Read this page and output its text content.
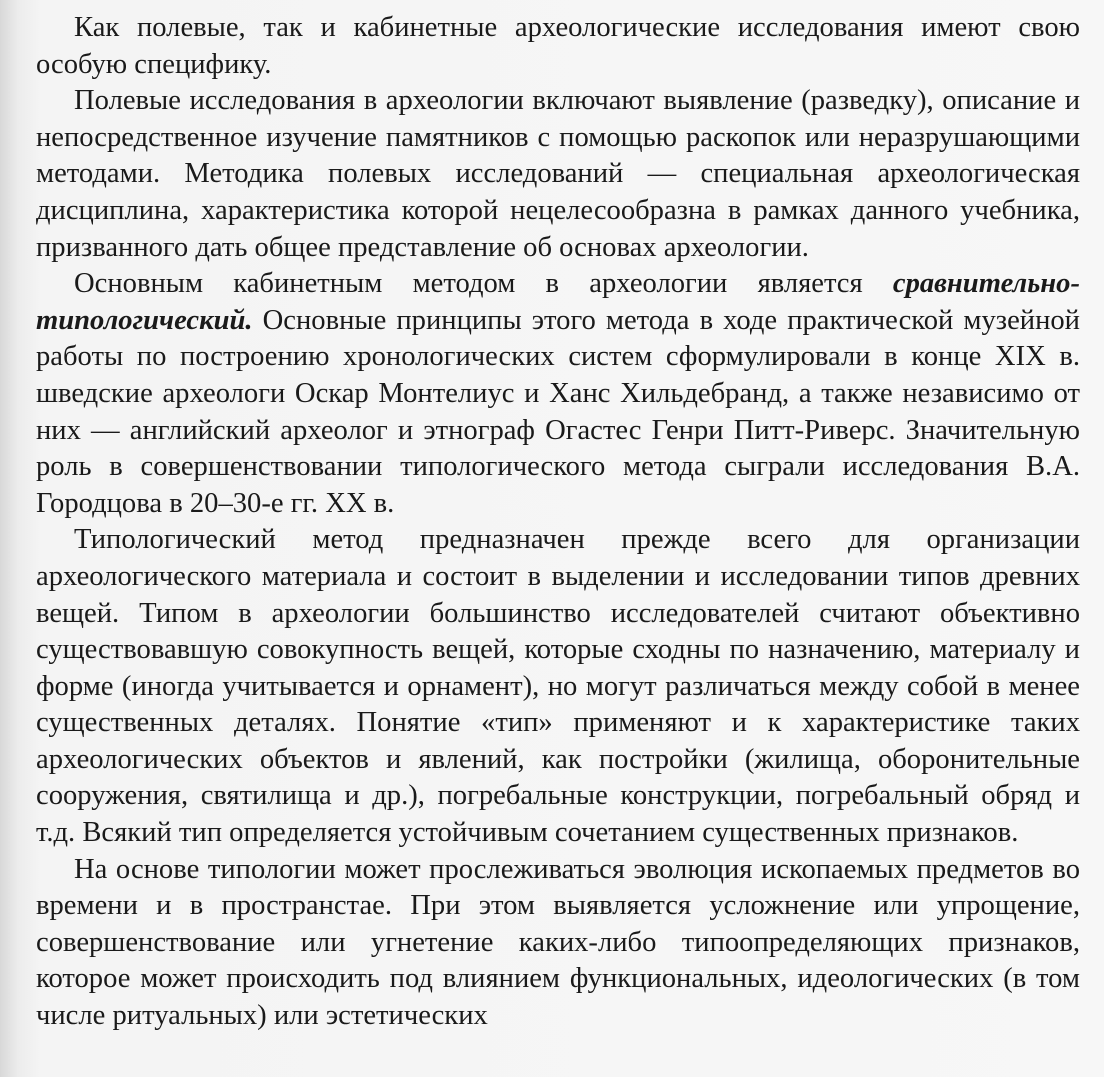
Как полевые, так и кабинетные археологические исследования имеют свою особую специфику.

Полевые исследования в археологии включают выявление (разведку), описание и непосредственное изучение памятников с помощью раскопок или неразрушающими методами. Методика полевых исследований — специальная археологическая дисциплина, характеристика которой нецелесообразна в рамках данного учебника, призванного дать общее представление об основах археологии.

Основным кабинетным методом в археологии является сравнительно-типологический. Основные принципы этого метода в ходе практической музейной работы по построению хронологических систем сформулировали в конце XIX в. шведские археологи Оскар Монтелиус и Ханс Хильдебранд, а также независимо от них — английский археолог и этнограф Огастес Генри Питт-Риверс. Значительную роль в совершенствовании типологического метода сыграли исследования В.А. Городцова в 20–30-е гг. XX в.

Типологический метод предназначен прежде всего для организации археологического материала и состоит в выделении и исследовании типов древних вещей. Типом в археологии большинство исследователей считают объективно существовавшую совокупность вещей, которые сходны по назначению, материалу и форме (иногда учитывается и орнамент), но могут различаться между собой в менее существенных деталях. Понятие «тип» применяют и к характеристике таких археологических объектов и явлений, как постройки (жилища, оборонительные сооружения, святилища и др.), погребальные конструкции, погребальный обряд и т.д. Всякий тип определяется устойчивым сочетанием существенных признаков.

На основе типологии может прослеживаться эволюция ископаемых предметов во времени и в пространстае. При этом выявляется усложнение или упрощение, совершенствование или угнетение каких-либо типоопределяющих признаков, которое может происходить под влиянием функциональных, идеологических (в том числе ритуальных) или эстетических
